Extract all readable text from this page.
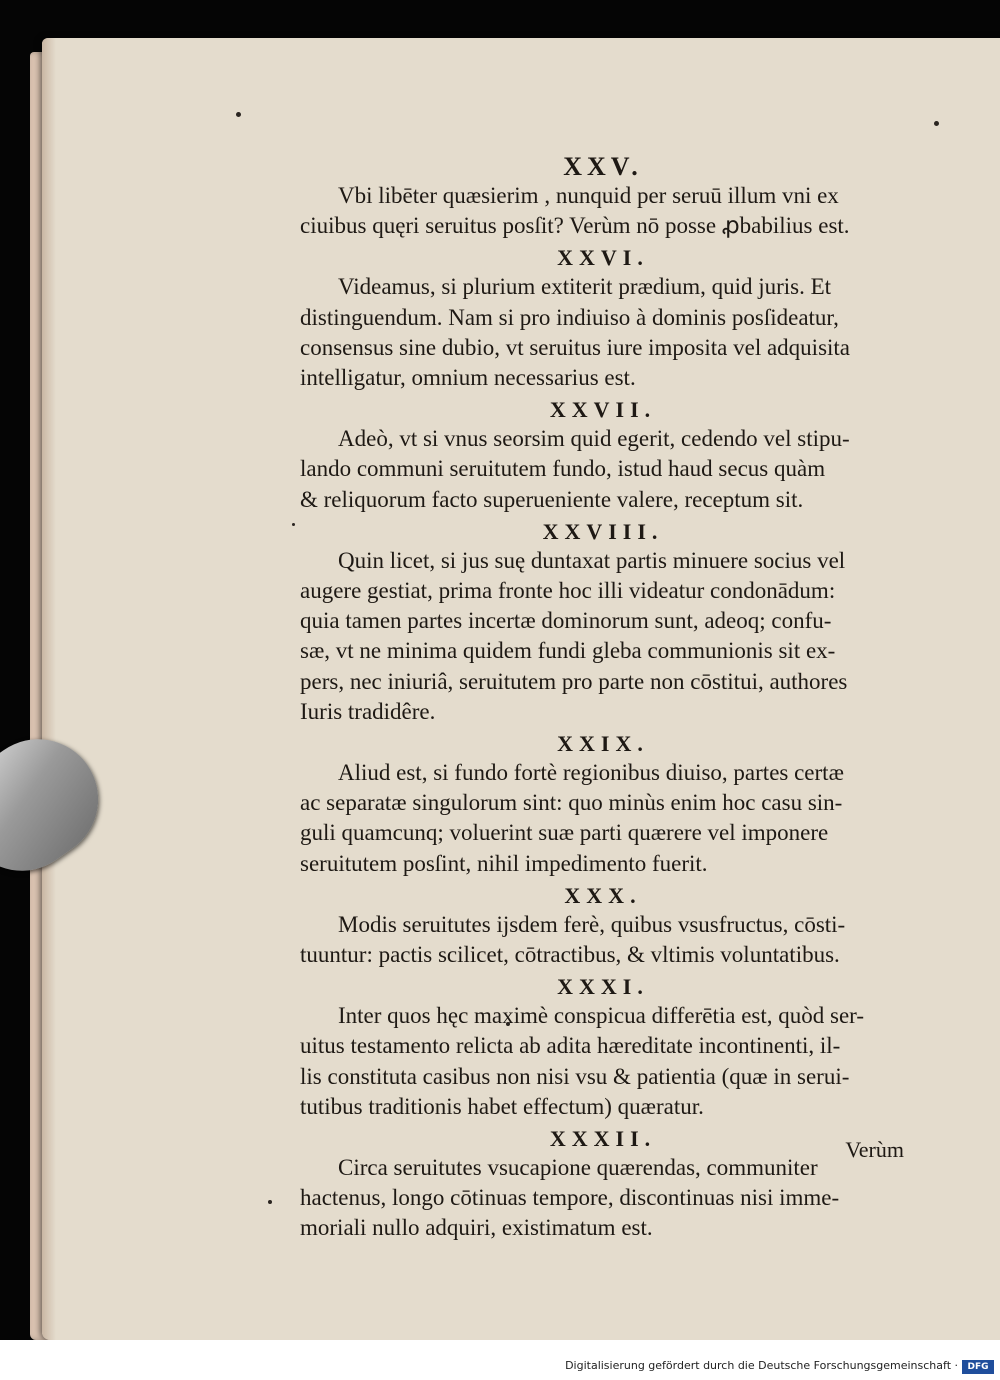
XXV.
Vbi libēter quæsierim , nunquid per seruū illum vni ex
ciuibus quęri seruitus posſit? Verùm nō posse ꝓbabilius est.
XXVI.
Videamus, si plurium extiterit prædium, quid juris. Et
distinguendum. Nam si pro indiuiso à dominis posſideatur,
consensus sine dubio, vt seruitus iure imposita vel adquisita
intelligatur, omnium necessarius est.
XXVII.
Adeò, vt si vnus seorsim quid egerit, cedendo vel stipu-
lando communi seruitutem fundo, istud haud secus quàm
& reliquorum facto superueniente valere, receptum sit.
XXVIII.
Quin licet, si jus suę duntaxat partis minuere socius vel
augere gestiat, prima fronte hoc illi videatur condonādum:
quia tamen partes incertæ dominorum sunt, adeoq; confu-
sæ, vt ne minima quidem fundi gleba communionis sit ex-
pers, nec iniuriâ, seruitutem pro parte non cōstitui, authores
Iuris tradidêre.
XXIX.
Aliud est, si fundo fortè regionibus diuiso, partes certæ
ac separatæ singulorum sint: quo minùs enim hoc casu sin-
guli quamcunq; voluerint suæ parti quærere vel imponere
seruitutem posſint, nihil impedimento fuerit.
XXX.
Modis seruitutes ijsdem ferè, quibus vsusfructus, cōsti-
tuuntur: pactis scilicet, cōtractibus, & vltimis voluntatibus.
XXXI.
Inter quos hęc maximè conspicua differētia est, quòd ser-
uitus testamento relicta ab adita hæreditate incontinenti, il-
lis constituta casibus non nisi vsu & patientia (quæ in serui-
tutibus traditionis habet effectum) quæratur.
XXXII.
Circa seruitutes vsucapione quærendas, communiter
hactenus, longo cōtinuas tempore, discontinuas nisi imme-
moriali nullo adquiri, existimatum est.
Verùm
Digitalisierung gefördert durch die Deutsche Forschungsgemeinschaft ·	DFG
